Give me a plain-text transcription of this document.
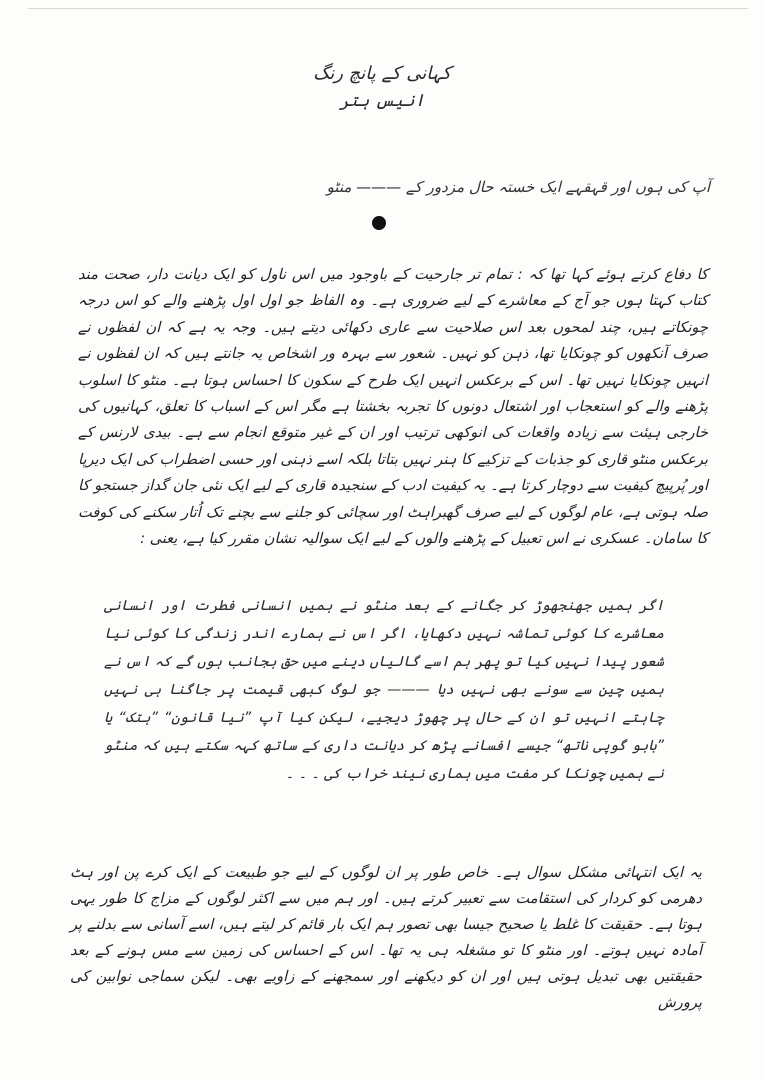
کہانی کے پانچ رنگ
انیس ہتر
آپ کی ہوں اور قہقہے ایک خستہ حال مزدور کے ——— منٹو
کا دفاع کرتے ہوئے کہا تھا کہ : تمام تر جارحیت کے باوجود میں اس ناول کو ایک دیانت دار، صحت مند کتاب کہتا ہوں جو آج کے معاشرے کے لیے ضروری ہے۔ وہ الفاظ جو اول اول پڑھنے والے کو اس درجہ چونکاتے ہیں، چند لمحوں بعد اس صلاحیت سے عاری دکھائی دیتے ہیں۔ وجہ یہ ہے کہ ان لفظوں نے صرف آنکھوں کو چونکایا تھا، ذہن کو نہیں۔ شعور سے بہرہ ور اشخاص یہ جانتے ہیں کہ ان لفظوں نے انہیں چونکایا نہیں تھا۔ اس کے برعکس انہیں ایک طرح کے سکون کا احساس ہوتا ہے۔ منٹو کا اسلوب پڑھنے والے کو استعجاب اور اشتعال دونوں کا تجربہ بخشتا ہے مگر اس کے اسباب کا تعلق، کہانیوں کی خارجی ہیئت سے زیادہ واقعات کی انوکھی ترتیب اور ان کے غیر متوقع انجام سے ہے۔ بیدی لارنس کے برعکس منٹو قاری کو جذبات کے تزکیے کا ہنر نہیں بتاتا بلکہ اسے ذہنی اور حسی اضطراب کی ایک دیرپا اور پُرپیچ کیفیت سے دوچار کرتا ہے۔ یہ کیفیت ادب کے سنجیدہ قاری کے لیے ایک نئی جان گداز جستجو کا صلہ ہوتی ہے، عام لوگوں کے لیے صرف گھبراہٹ اور سچائی کو جلنے سے بچنے تک اُتار سکنے کی کوفت کا سامان۔ عسکری نے اس تعبیل کے پڑھنے والوں کے لیے ایک سوالیہ نشان مقرر کیا ہے، یعنی :
اگر ہمیں جھنجھوڑ کر جگانے کے بعد منٹو نے ہمیں انسانی فطرت اور انسانی معاشرے کا کوئی تماشہ نہیں دکھایا، اگر اس نے ہمارے اندر زندگی کا کوئی نیا شعور پیدا نہیں کیا تو پھر ہم اسے گالیاں دینے میں حق بجانب ہوں گے کہ اس نے ہمیں چین سے سونے بھی نہیں دیا ——— جو لوگ کبھی قیمت پر جاگنا ہی نہیں چاہتے انہیں تو ان کے حال پر چھوڑ دیجیے، لیکن کیا آپ ”نیا قانون“ ”ہتک“ یا ”بابو گوپی ناتھ“ جیسے افسانے پڑھ کر دیانت داری کے ساتھ کہہ سکتے ہیں کہ منٹو نے ہمیں چونکا کر مفت میں ہماری نیند خراب کی ۔ ۔ ۔
یہ ایک انتہائی مشکل سوال ہے۔ خاص طور پر ان لوگوں کے لیے جو طبیعت کے ایک کرے پن اور ہٹ دھرمی کو کردار کی استقامت سے تعبیر کرتے ہیں۔ اور ہم میں سے اکثر لوگوں کے مزاج کا طور یہی ہوتا ہے۔ حقیقت کا غلط یا صحیح جیسا بھی تصور ہم ایک بار قائم کر لیتے ہیں، اسے آسانی سے بدلنے پر آمادہ نہیں ہوتے۔ اور منٹو کا تو مشغلہ ہی یہ تھا۔ اس کے احساس کی زمین سے مس ہونے کے بعد حقیقتیں بھی تبدیل ہوتی ہیں اور ان کو دیکھنے اور سمجھنے کے زاویے بھی۔ لیکن سماجی نوابین کی پرورش
